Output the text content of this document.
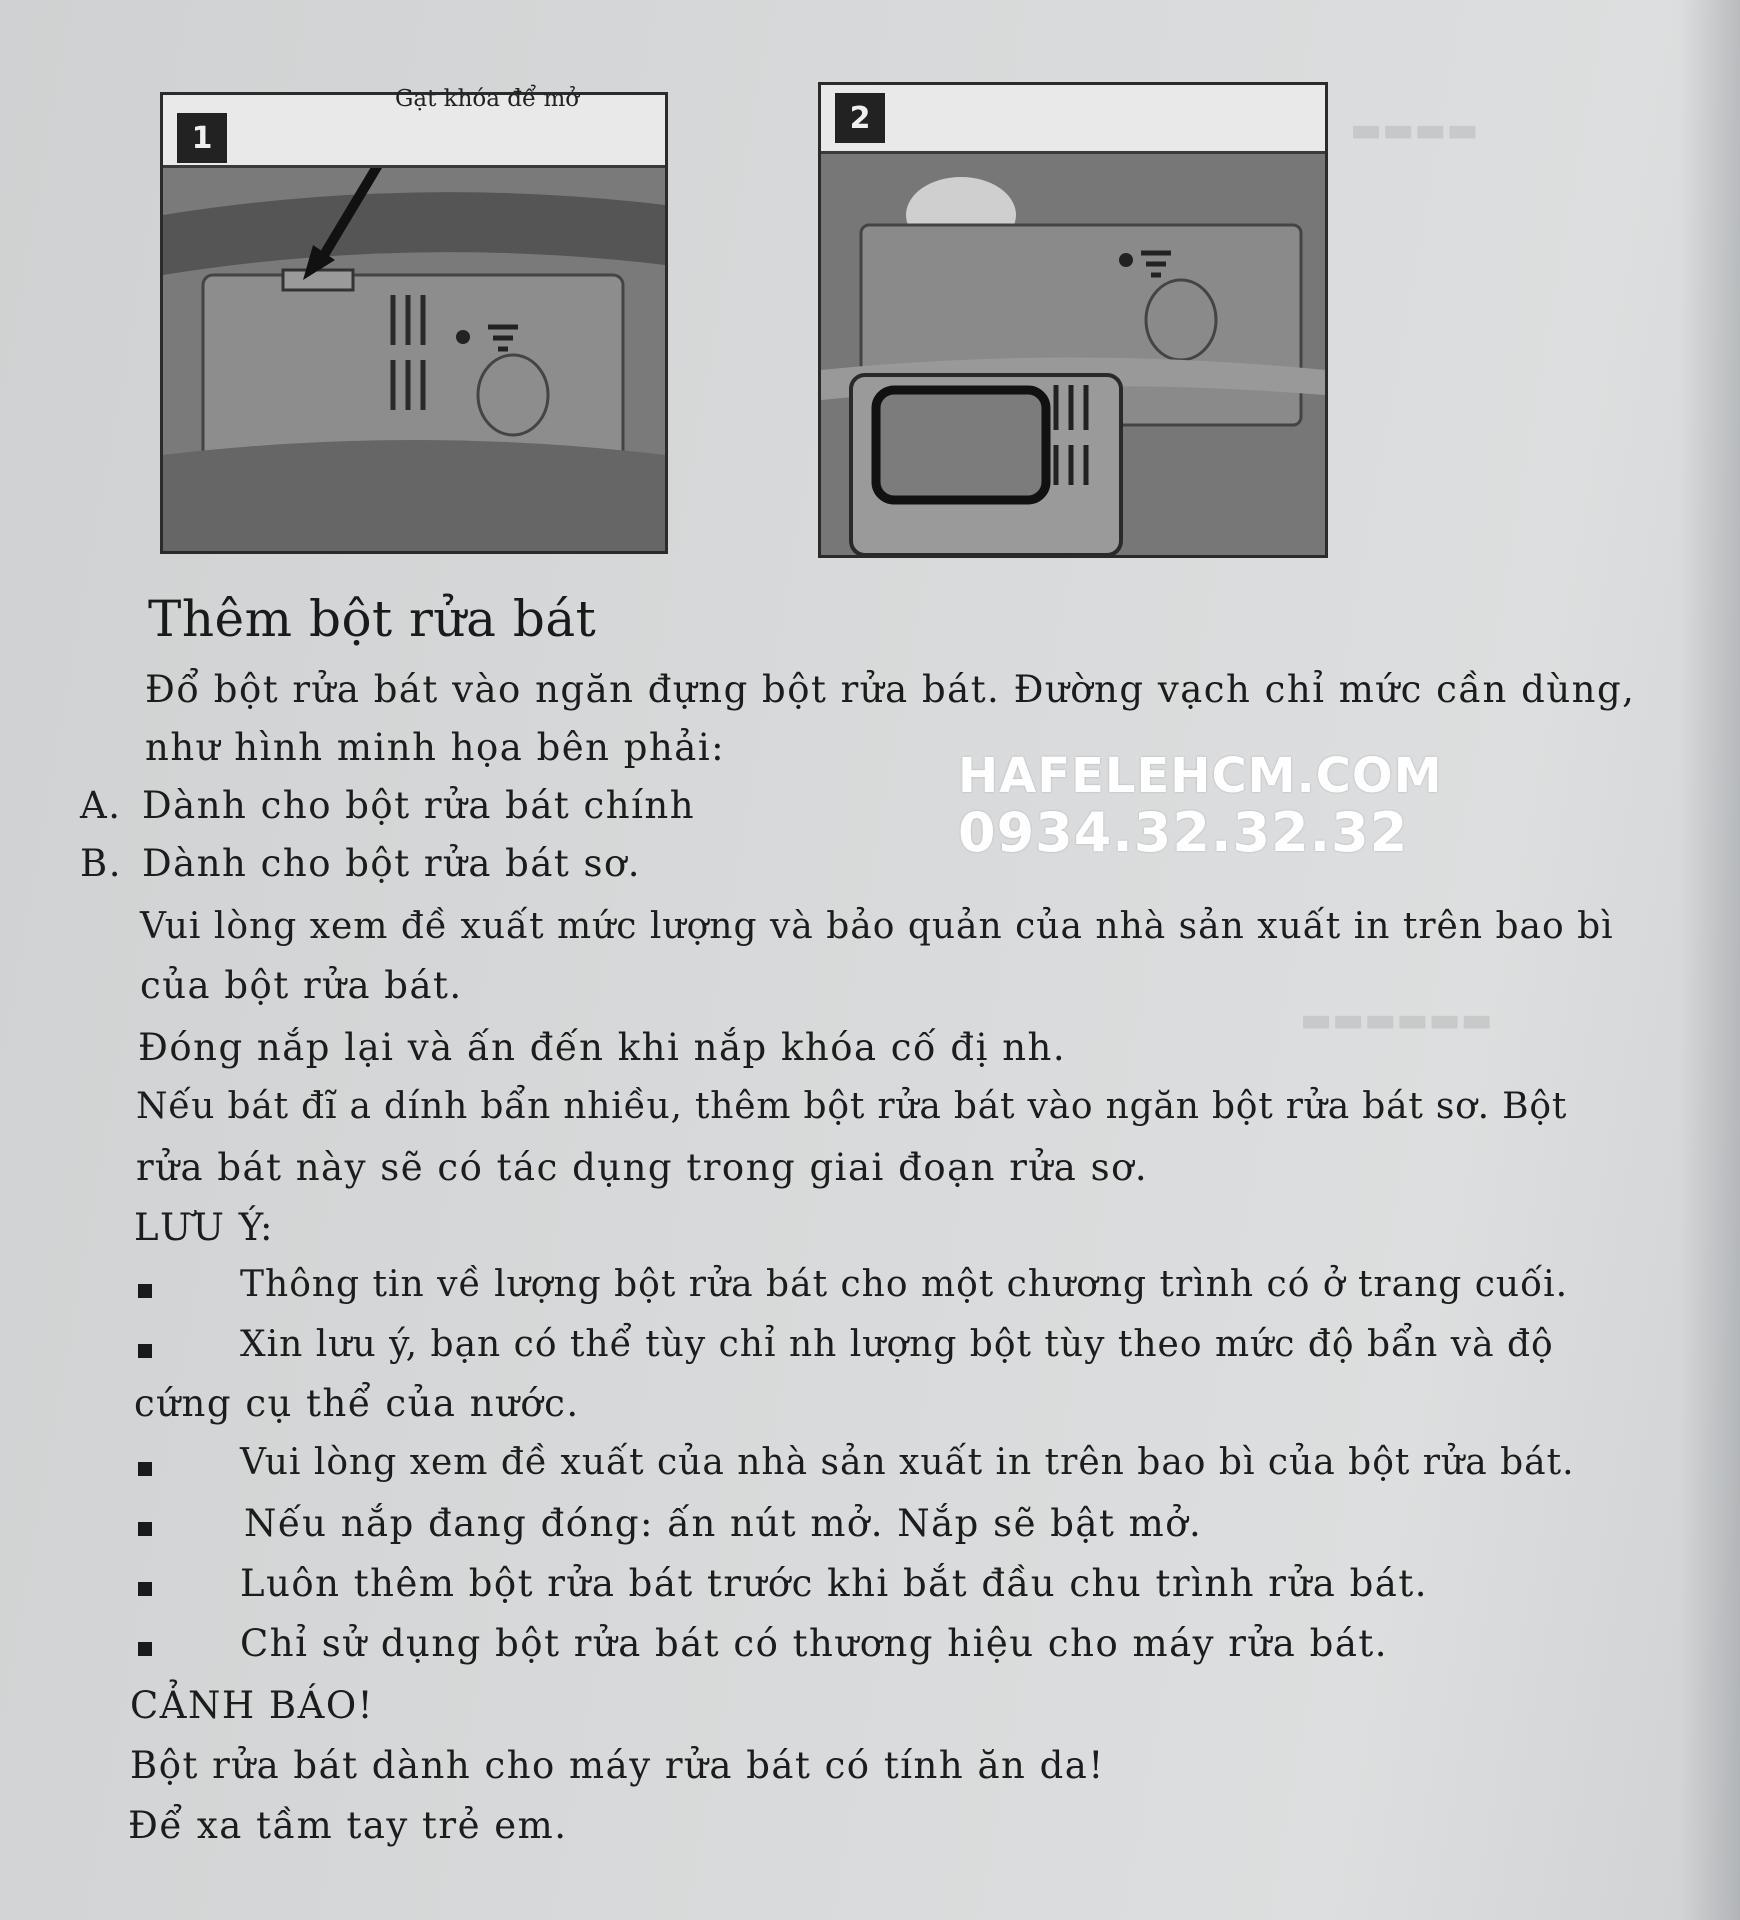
▬▬▬▬
▬▬▬▬▬▬
1
Gạt khóa để mở
2
Thêm bột rửa bát
Đổ bột rửa bát vào ngăn đựng bột rửa bát. Đường vạch chỉ mức cần dùng,
như hình minh họa bên phải:
A. Dành cho bột rửa bát chính
B. Dành cho bột rửa bát sơ.
HAFELEHCM.COM
0934.32.32.32
Vui lòng xem đề xuất mức lượng và bảo quản của nhà sản xuất in trên bao bì
của bột rửa bát.
Đóng nắp lại và ấn đến khi nắp khóa cố đị nh.
Nếu bát đĩ a dính bẩn nhiều, thêm bột rửa bát vào ngăn bột rửa bát sơ. Bột
rửa bát này sẽ có tác dụng trong giai đoạn rửa sơ.
LƯU Ý:
Thông tin về lượng bột rửa bát cho một chương trình có ở trang cuối.
Xin lưu ý, bạn có thể tùy chỉ nh lượng bột tùy theo mức độ bẩn và độ
cứng cụ thể của nước.
Vui lòng xem đề xuất của nhà sản xuất in trên bao bì của bột rửa bát.
Nếu nắp đang đóng: ấn nút mở. Nắp sẽ bật mở.
Luôn thêm bột rửa bát trước khi bắt đầu chu trình rửa bát.
Chỉ sử dụng bột rửa bát có thương hiệu cho máy rửa bát.
CẢNH BÁO!
Bột rửa bát dành cho máy rửa bát có tính ăn da!
Để xa tầm tay trẻ em.
